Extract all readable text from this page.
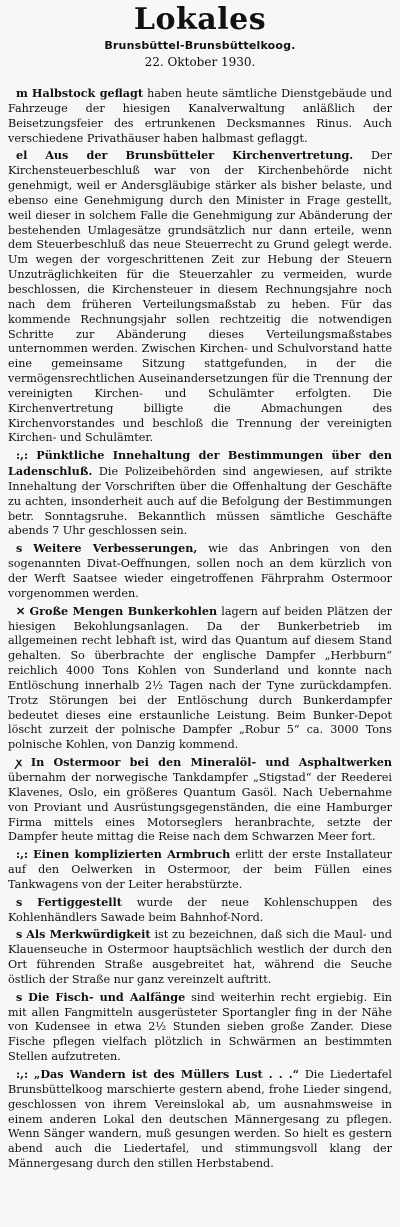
Lokales
Brunsbüttel-Brunsbüttelkoog.
22. Oktober 1930.

m Halbstock geflagt haben heute sämtliche Dienstgebäude und Fahrzeuge der hiesigen Kanalverwaltung anläßlich der Beisetzungsfeier des ertrunkenen Decksmannes Rinus. Auch verschiedene Privathäuser haben halbmast geflaggt.

el Aus der Brunsbütteler Kirchenvertretung. Der Kirchensteuerbeschluß war von der Kirchenbehörde nicht genehmigt, weil er Andersgläubige stärker als bisher belaste, und ebenso eine Genehmigung durch den Minister in Frage gestellt, weil dieser in solchem Falle die Genehmigung zur Abänderung der bestehenden Umlagesätze grundsätzlich nur dann erteile, wenn dem Steuerbeschluß das neue Steuerrecht zu Grund gelegt werde. Um wegen der vorgeschrittenen Zeit zur Hebung der Steuern Unzuträglichkeiten für die Steuerzahler zu vermeiden, wurde beschlossen, die Kirchensteuer in diesem Rechnungsjahre noch nach dem früheren Verteilungsmaßstab zu heben. Für das kommende Rechnungsjahr sollen rechtzeitig die notwendigen Schritte zur Abänderung dieses Verteilungsmaßstabes unternommen werden. Zwischen Kirchen- und Schulvorstand hatte eine gemeinsame Sitzung stattgefunden, in der die vermögensrechtlichen Auseinandersetzungen für die Trennung der vereinigten Kirchen- und Schulämter erfolgten. Die Kirchenvertretung billigte die Abmachungen des Kirchenvorstandes und beschloß die Trennung der vereinigten Kirchen- und Schulämter.

:,: Pünktliche Innehaltung der Bestimmungen über den Ladenschluß. Die Polizeibehörden sind angewiesen, auf strikte Innehaltung der Vorschriften über die Offenhaltung der Geschäfte zu achten, insonderheit auch auf die Befolgung der Bestimmungen betr. Sonntagsruhe. Bekanntlich müssen sämtliche Geschäfte abends 7 Uhr geschlossen sein.

s Weitere Verbesserungen, wie das Anbringen von den sogenannten Divat-Oeffnungen, sollen noch an dem kürzlich von der Werft Saatsee wieder eingetroffenen Fährprahm Ostermoor vorgenommen werden.

✕ Große Mengen Bunkerkohlen lagern auf beiden Plätzen der hiesigen Bekohlungsanlagen. Da der Bunkerbetrieb im allgemeinen recht lebhaft ist, wird das Quantum auf diesem Stand gehalten. So überbrachte der englische Dampfer „Herbburn“ reichlich 4000 Tons Kohlen von Sunderland und konnte nach Entlöschung innerhalb 2½ Tagen nach der Tyne zurückdampfen. Trotz Störungen bei der Entlöschung durch Bunkerdampfer bedeutet dieses eine erstaunliche Leistung. Beim Bunker-Depot löscht zurzeit der polnische Dampfer „Robur 5“ ca. 3000 Tons polnische Kohlen, von Danzig kommend.

ꭗ In Ostermoor bei den Mineralöl- und Asphaltwerken übernahm der norwegische Tankdampfer „Stigstad“ der Reederei Klavenes, Oslo, ein größeres Quantum Gasöl. Nach Uebernahme von Proviant und Ausrüstungsgegenständen, die eine Hamburger Firma mittels eines Motorseglers heranbrachte, setzte der Dampfer heute mittag die Reise nach dem Schwarzen Meer fort.

:,: Einen komplizierten Armbruch erlitt der erste Installateur auf den Oelwerken in Ostermoor, der beim Füllen eines Tankwagens von der Leiter herabstürzte.

s Fertiggestellt wurde der neue Kohlenschuppen des Kohlenhändlers Sawade beim Bahnhof-Nord.

s Als Merkwürdigkeit ist zu bezeichnen, daß sich die Maul- und Klauenseuche in Ostermoor hauptsächlich westlich der durch den Ort führenden Straße ausgebreitet hat, während die Seuche östlich der Straße nur ganz vereinzelt auftritt.

s Die Fisch- und Aalfänge sind weiterhin recht ergiebig. Ein mit allen Fangmitteln ausgerüsteter Sportangler fing in der Nähe von Kudensee in etwa 2½ Stunden sieben große Zander. Diese Fische pflegen vielfach plötzlich in Schwärmen an bestimmten Stellen aufzutreten.

:,: „Das Wandern ist des Müllers Lust . . .“ Die Liedertafel Brunsbüttelkoog marschierte gestern abend, frohe Lieder singend, geschlossen von ihrem Vereinslokal ab, um ausnahmsweise in einem anderen Lokal den deutschen Männergesang zu pflegen. Wenn Sänger wandern, muß gesungen werden. So hielt es gestern abend auch die Liedertafel, und stimmungsvoll klang der Männergesang durch den stillen Herbstabend.
